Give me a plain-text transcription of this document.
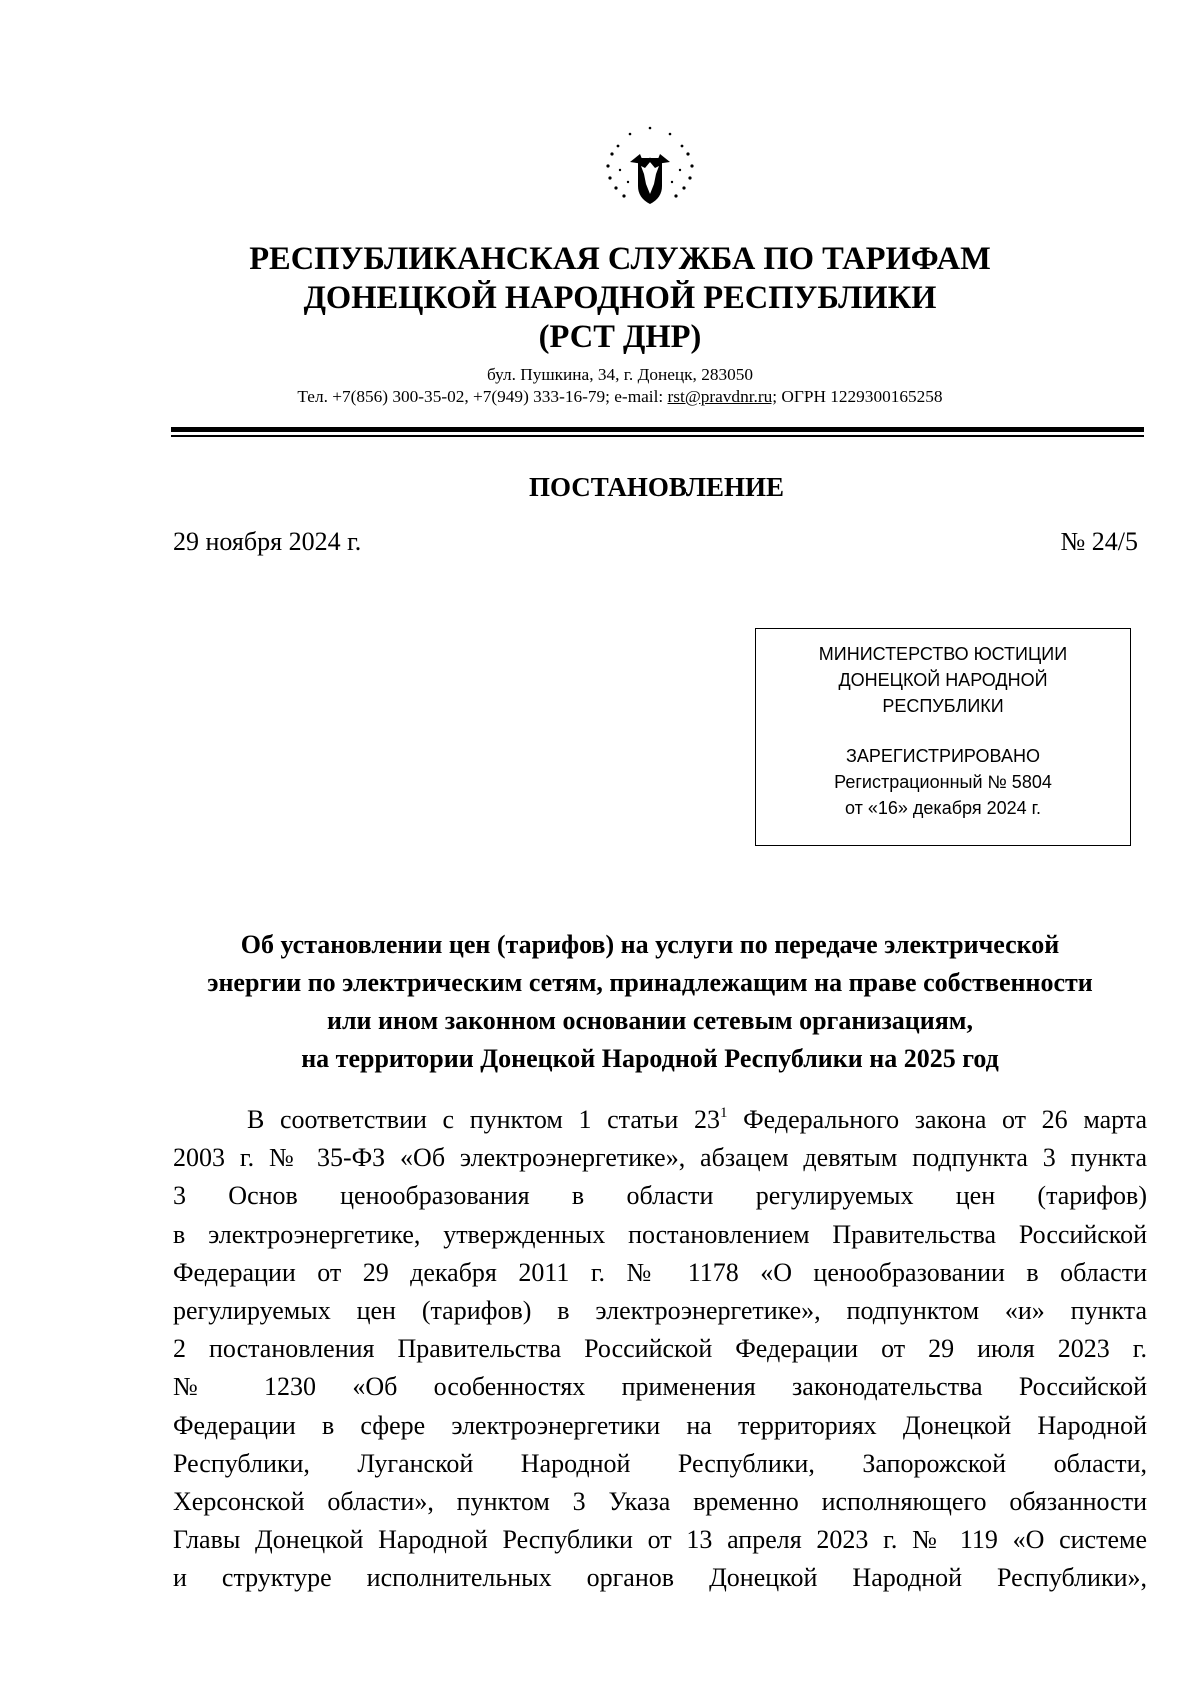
РЕСПУБЛИКАНСКАЯ СЛУЖБА ПО ТАРИФАМ
ДОНЕЦКОЙ НАРОДНОЙ РЕСПУБЛИКИ
(РСТ ДНР)
бул. Пушкина, 34, г. Донецк, 283050
Тел. +7(856) 300-35-02, +7(949) 333-16-79; e-mail: rst@pravdnr.ru; ОГРН 1229300165258
ПОСТАНОВЛЕНИЕ
29 ноября 2024 г.	№ 24/5
МИНИСТЕРСТВО ЮСТИЦИИ
ДОНЕЦКОЙ НАРОДНОЙ
РЕСПУБЛИКИ
ЗАРЕГИСТРИРОВАНО
Регистрационный № 5804
от «16» декабря 2024 г.
Об установлении цен (тарифов) на услуги по передаче электрической
энергии по электрическим сетям, принадлежащим на праве собственности
или ином законном основании сетевым организациям,
на территории Донецкой Народной Республики на 2025 год
В соответствии с пунктом 1 статьи $23^1$ Федерального закона от 26 марта
2003 г. № 35-ФЗ «Об электроэнергетике», абзацем девятым подпункта 3 пункта
3 Основ ценообразования в области регулируемых цен (тарифов)
в электроэнергетике, утвержденных постановлением Правительства Российской
Федерации от 29 декабря 2011 г. № 1178 «О ценообразовании в области
регулируемых цен (тарифов) в электроэнергетике», подпунктом «и» пункта
2 постановления Правительства Российской Федерации от 29 июля 2023 г.
№ 1230 «Об особенностях применения законодательства Российской
Федерации в сфере электроэнергетики на территориях Донецкой Народной
Республики, Луганской Народной Республики, Запорожской области,
Херсонской области», пунктом 3 Указа временно исполняющего обязанности
Главы Донецкой Народной Республики от 13 апреля 2023 г. № 119 «О системе
и структуре исполнительных органов Донецкой Народной Республики»,
